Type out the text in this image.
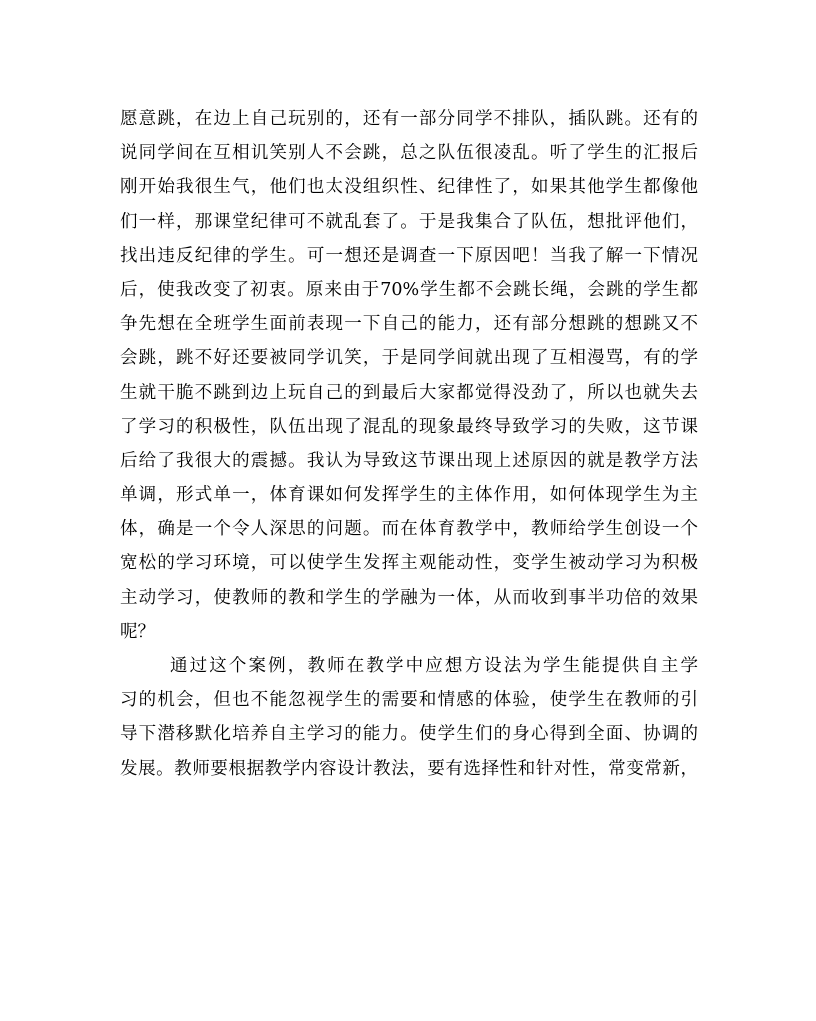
愿意跳，在边上自己玩别的，还有一部分同学不排队，插队跳。还有的
说同学间在互相讥笑别人不会跳，总之队伍很凌乱。听了学生的汇报后
刚开始我很生气，他们也太没组织性、纪律性了，如果其他学生都像他
们一样，那课堂纪律可不就乱套了。于是我集合了队伍，想批评他们，
找出违反纪律的学生。可一想还是调查一下原因吧！当我了解一下情况
后，使我改变了初衷。原来由于70%学生都不会跳长绳，会跳的学生都
争先想在全班学生面前表现一下自己的能力，还有部分想跳的想跳又不
会跳，跳不好还要被同学讥笑，于是同学间就出现了互相漫骂，有的学
生就干脆不跳到边上玩自己的到最后大家都觉得没劲了，所以也就失去
了学习的积极性，队伍出现了混乱的现象最终导致学习的失败，这节课
后给了我很大的震撼。我认为导致这节课出现上述原因的就是教学方法
单调，形式单一，体育课如何发挥学生的主体作用，如何体现学生为主
体，确是一个令人深思的问题。而在体育教学中，教师给学生创设一个
宽松的学习环境，可以使学生发挥主观能动性，变学生被动学习为积极
主动学习，使教师的教和学生的学融为一体，从而收到事半功倍的效果
呢？
通过这个案例，教师在教学中应想方设法为学生能提供自主学
习的机会，但也不能忽视学生的需要和情感的体验，使学生在教师的引
导下潜移默化培养自主学习的能力。使学生们的身心得到全面、协调的
发展。教师要根据教学内容设计教法，要有选择性和针对性，常变常新，
